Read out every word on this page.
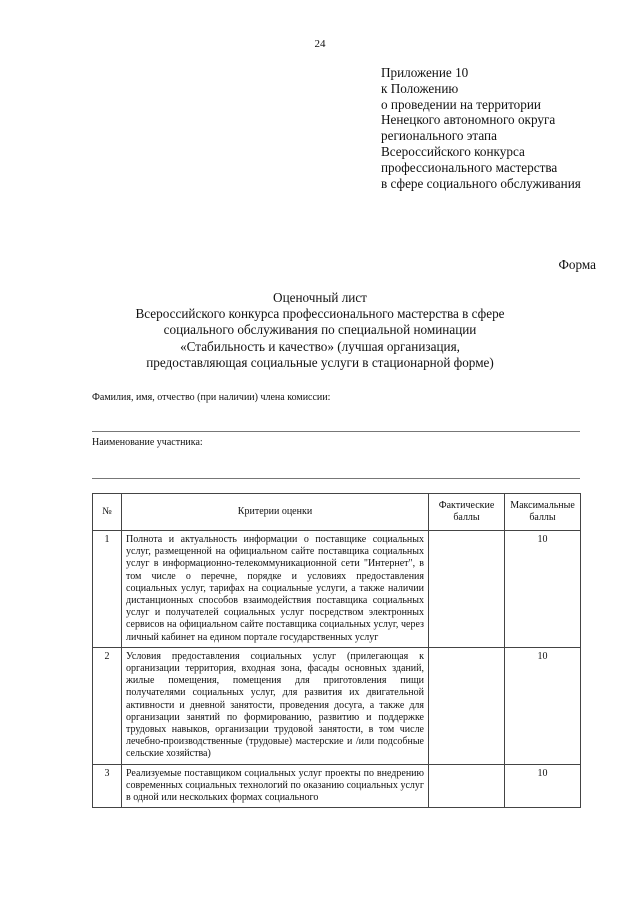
24
Приложение 10
к Положению
о проведении на территории
Ненецкого автономного округа
регионального этапа
Всероссийского конкурса
профессионального мастерства
в сфере социального обслуживания
Форма
Оценочный лист
Всероссийского конкурса профессионального мастерства в сфере
социального обслуживания по специальной номинации
«Стабильность и качество» (лучшая организация,
предоставляющая социальные услуги в стационарной форме)
Фамилия, имя, отчество (при наличии) члена комиссии:
Наименование участника:
№	Критерии оценки	Фактические баллы	Максимальные баллы
1	Полнота и актуальность информации о поставщике социальных услуг, размещенной на официальном сайте поставщика социальных услуг в информационно-телекоммуникационной сети "Интернет", в том числе о перечне, порядке и условиях предоставления социальных услуг, тарифах на социальные услуги, а также наличии дистанционных способов взаимодействия поставщика социальных услуг и получателей социальных услуг посредством электронных сервисов на официальном сайте поставщика социальных услуг, через личный кабинет на едином портале государственных услуг		10
2	Условия предоставления социальных услуг (прилегающая к организации территория, входная зона, фасады основных зданий, жилые помещения, помещения для приготовления пищи получателями социальных услуг, для развития их двигательной активности и дневной занятости, проведения досуга, а также для организации занятий по формированию, развитию и поддержке трудовых навыков, организации трудовой занятости, в том числе лечебно-производственные (трудовые) мастерские и /или подсобные сельские хозяйства)		10
3	Реализуемые поставщиком социальных услуг проекты по внедрению современных социальных технологий по оказанию социальных услуг в одной или нескольких формах социального		10
